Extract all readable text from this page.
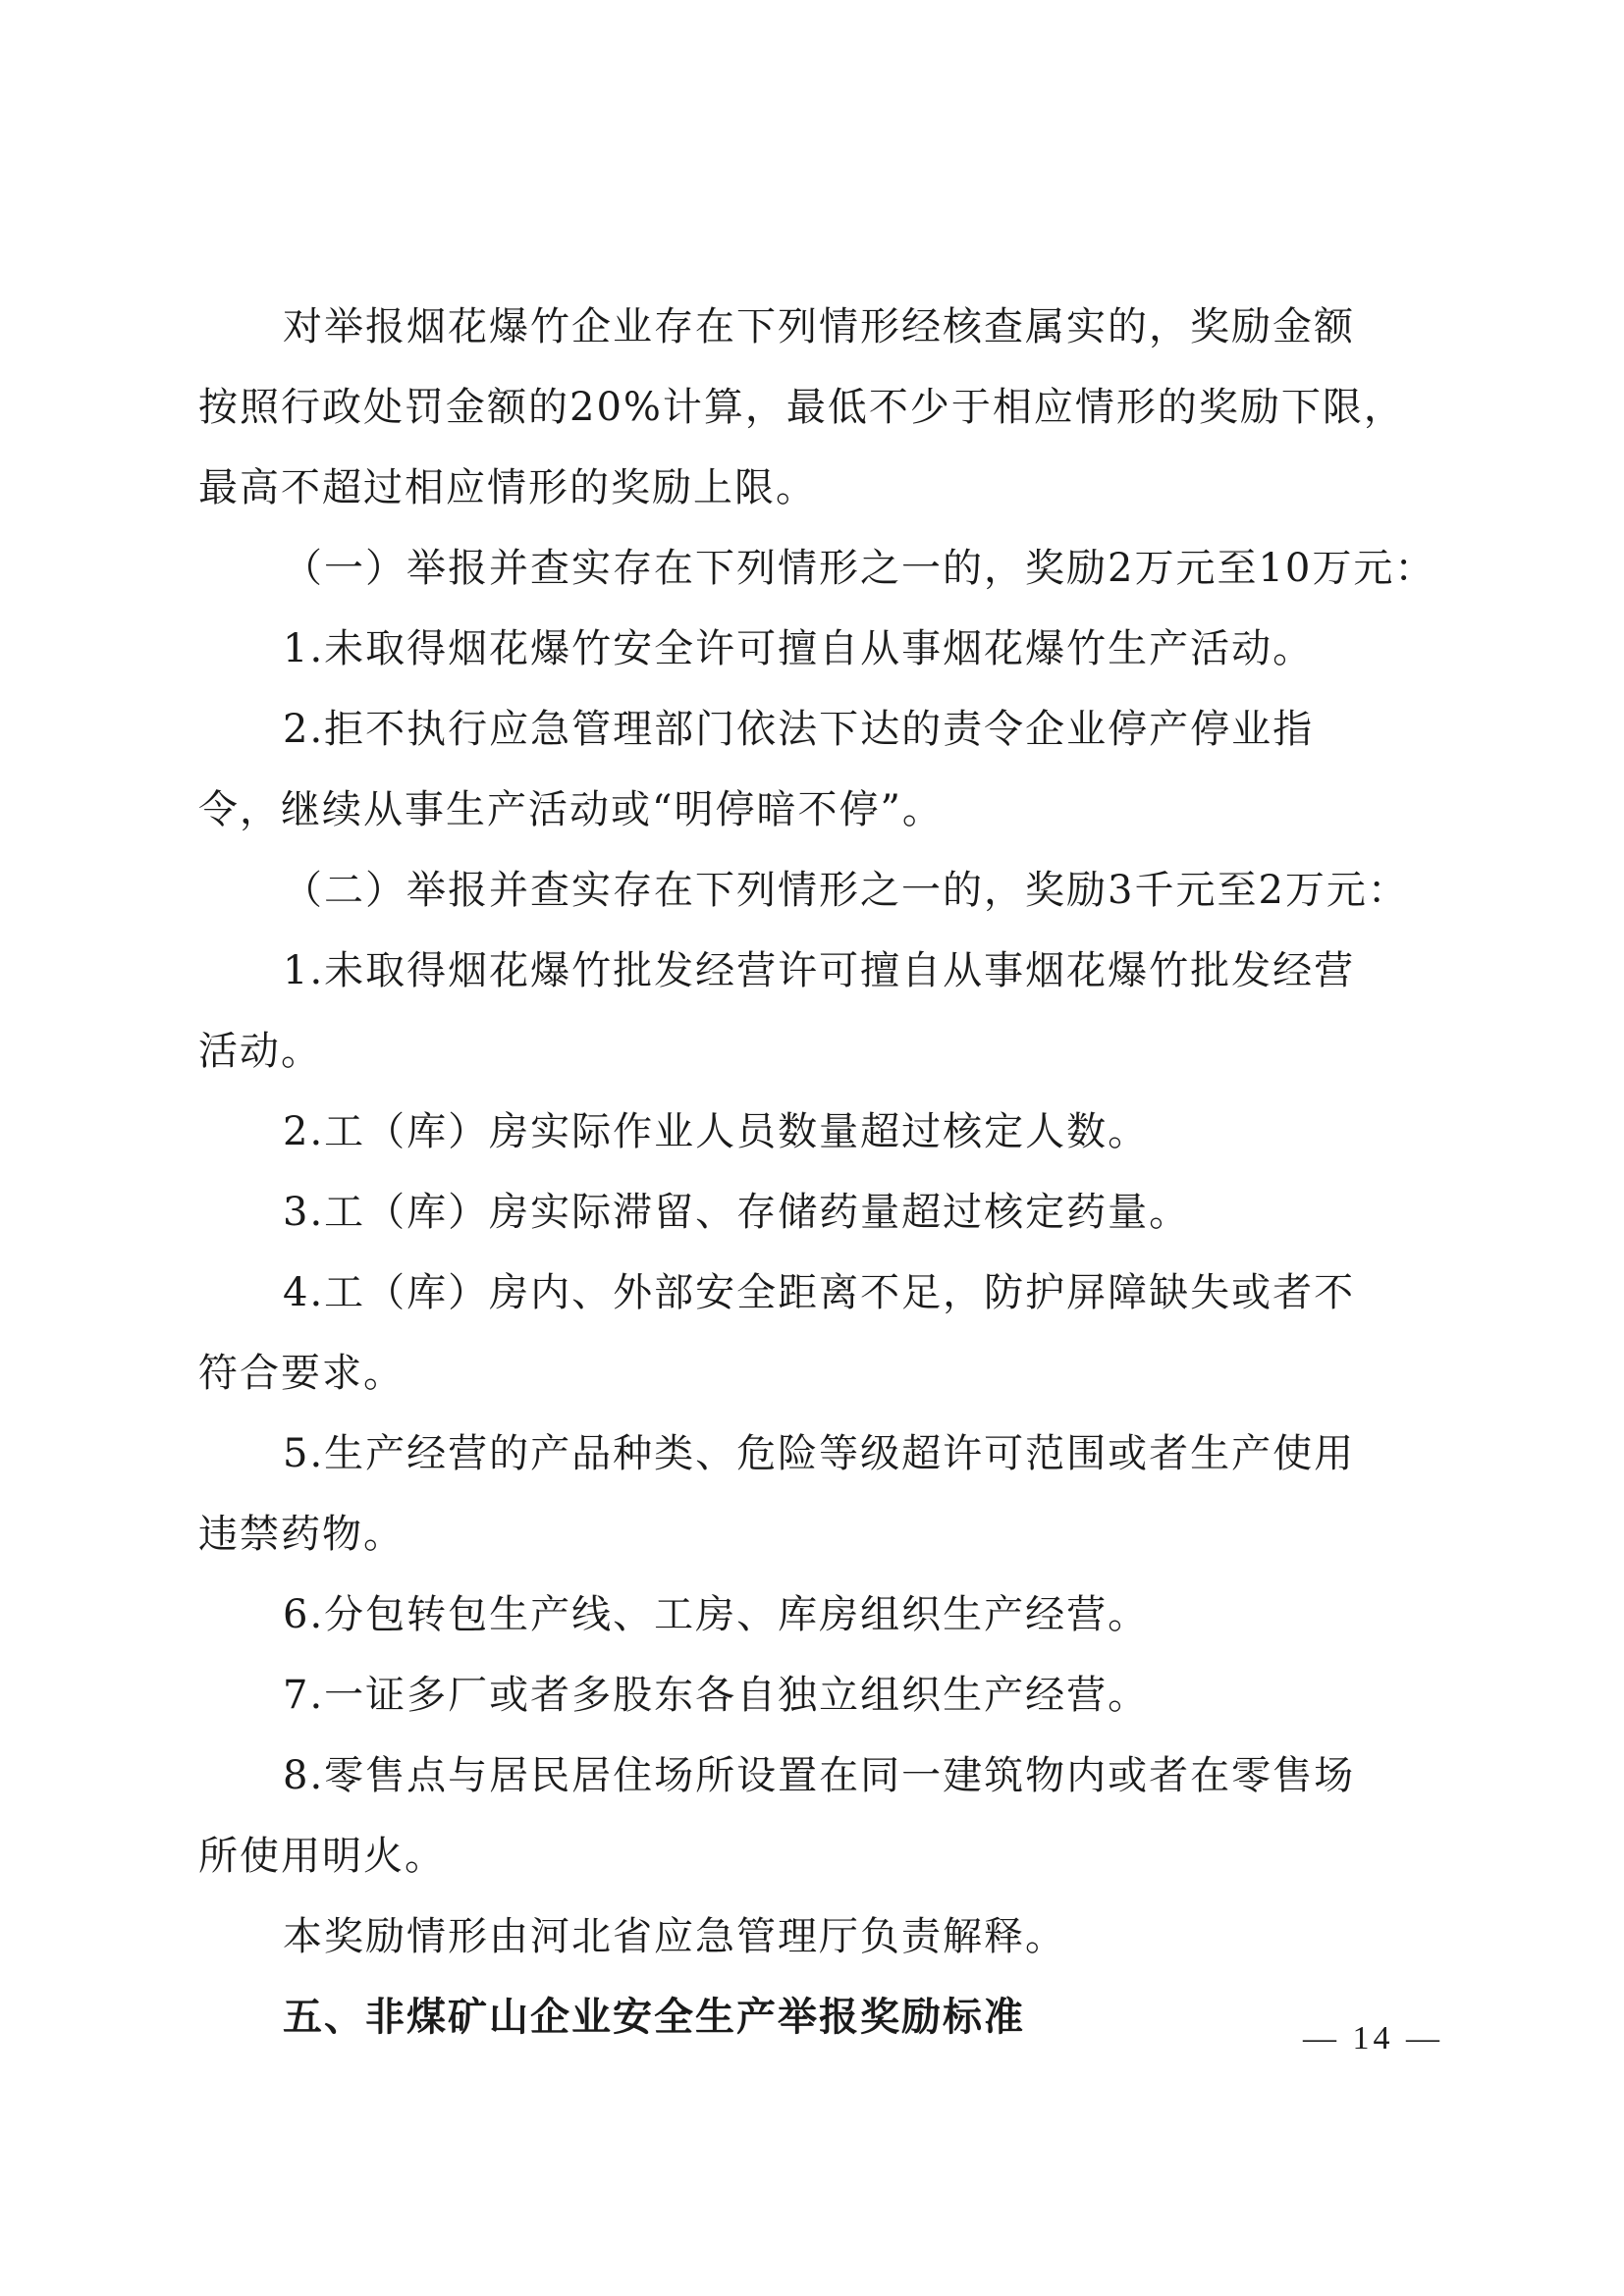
对举报烟花爆竹企业存在下列情形经核查属实的，奖励金额
按照行政处罚金额的20%计算，最低不少于相应情形的奖励下限，
最高不超过相应情形的奖励上限。
（一）举报并查实存在下列情形之一的，奖励2万元至10万元：
1.未取得烟花爆竹安全许可擅自从事烟花爆竹生产活动。
2.拒不执行应急管理部门依法下达的责令企业停产停业指
令，继续从事生产活动或“明停暗不停”。
（二）举报并查实存在下列情形之一的，奖励3千元至2万元：
1.未取得烟花爆竹批发经营许可擅自从事烟花爆竹批发经营
活动。
2.工（库）房实际作业人员数量超过核定人数。
3.工（库）房实际滞留、存储药量超过核定药量。
4.工（库）房内、外部安全距离不足，防护屏障缺失或者不
符合要求。
5.生产经营的产品种类、危险等级超许可范围或者生产使用
违禁药物。
6.分包转包生产线、工房、库房组织生产经营。
7.一证多厂或者多股东各自独立组织生产经营。
8.零售点与居民居住场所设置在同一建筑物内或者在零售场
所使用明火。
本奖励情形由河北省应急管理厅负责解释。
五、非煤矿山企业安全生产举报奖励标准	— 14 —
